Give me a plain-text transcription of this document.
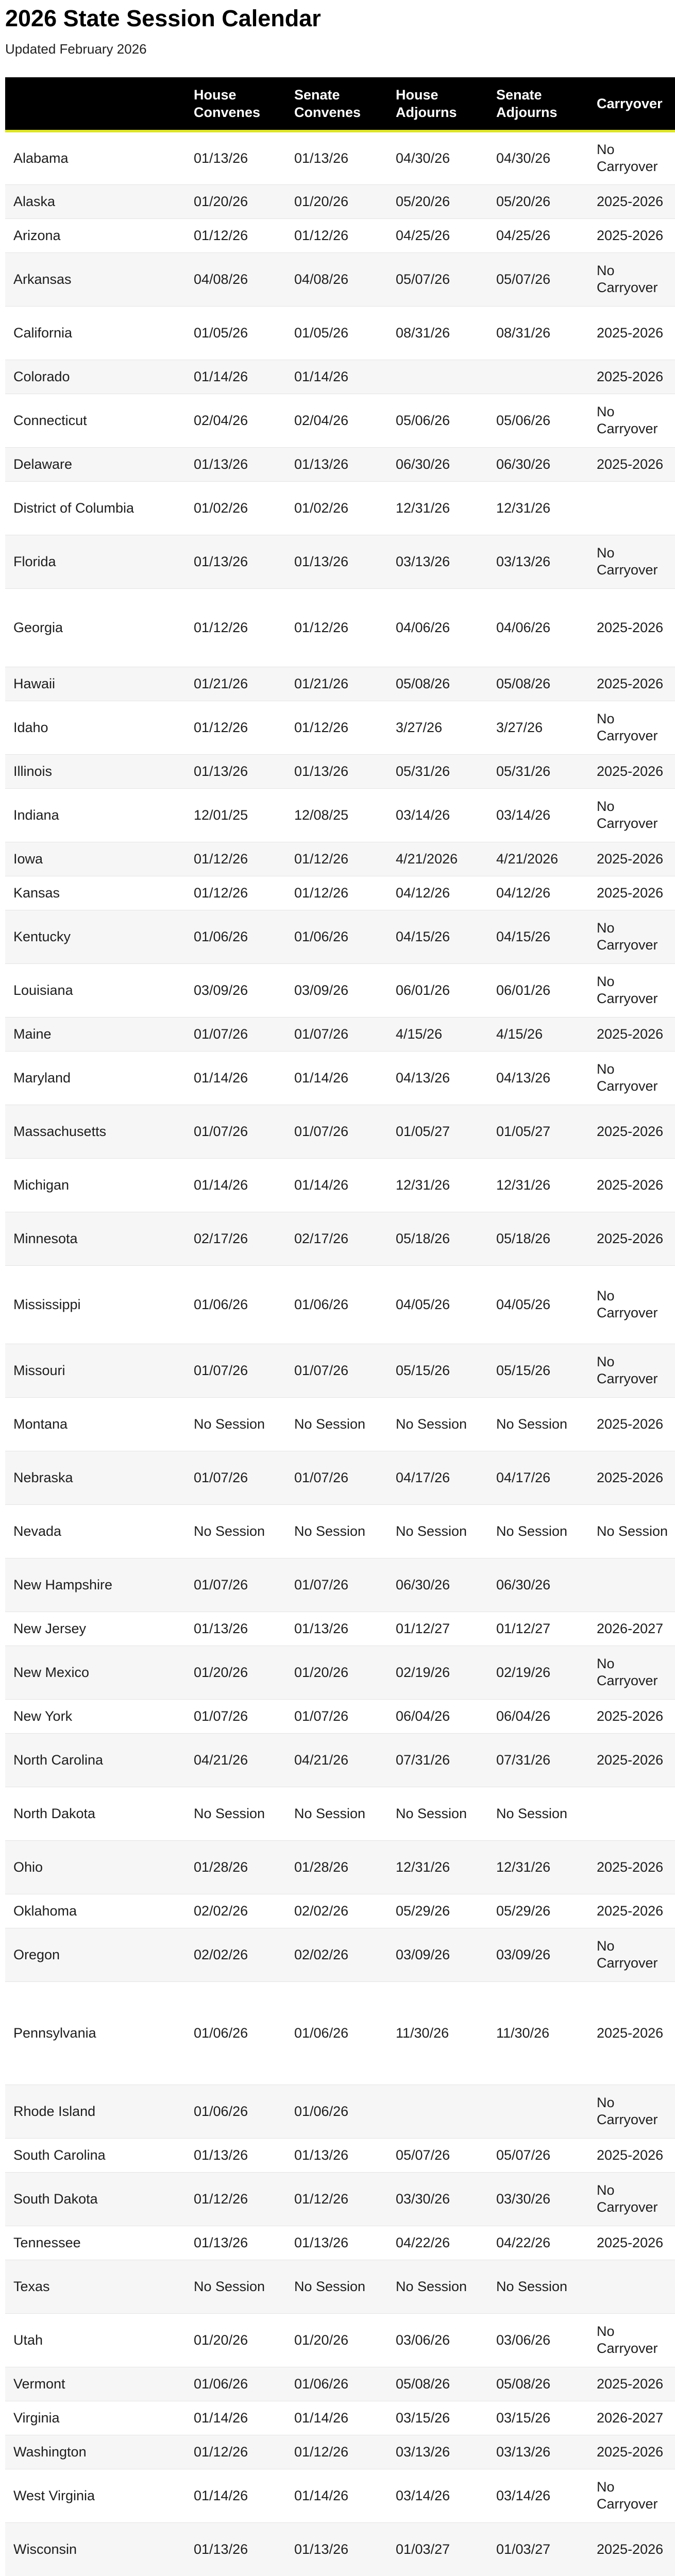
2026 State Session Calendar

Updated February 2026

	House Convenes	Senate Convenes	House Adjourns	Senate Adjourns	Carryover
Alabama	01/13/26	01/13/26	04/30/26	04/30/26	No Carryover
Alaska	01/20/26	01/20/26	05/20/26	05/20/26	2025-2026
Arizona	01/12/26	01/12/26	04/25/26	04/25/26	2025-2026
Arkansas	04/08/26	04/08/26	05/07/26	05/07/26	No Carryover
California	01/05/26	01/05/26	08/31/26	08/31/26	2025-2026
Colorado	01/14/26	01/14/26			2025-2026
Connecticut	02/04/26	02/04/26	05/06/26	05/06/26	No Carryover
Delaware	01/13/26	01/13/26	06/30/26	06/30/26	2025-2026
District of Columbia	01/02/26	01/02/26	12/31/26	12/31/26	
Florida	01/13/26	01/13/26	03/13/26	03/13/26	No Carryover
Georgia	01/12/26	01/12/26	04/06/26	04/06/26	2025-2026
Hawaii	01/21/26	01/21/26	05/08/26	05/08/26	2025-2026
Idaho	01/12/26	01/12/26	3/27/26	3/27/26	No Carryover
Illinois	01/13/26	01/13/26	05/31/26	05/31/26	2025-2026
Indiana	12/01/25	12/08/25	03/14/26	03/14/26	No Carryover
Iowa	01/12/26	01/12/26	4/21/2026	4/21/2026	2025-2026
Kansas	01/12/26	01/12/26	04/12/26	04/12/26	2025-2026
Kentucky	01/06/26	01/06/26	04/15/26	04/15/26	No Carryover
Louisiana	03/09/26	03/09/26	06/01/26	06/01/26	No Carryover
Maine	01/07/26	01/07/26	4/15/26	4/15/26	2025-2026
Maryland	01/14/26	01/14/26	04/13/26	04/13/26	No Carryover
Massachusetts	01/07/26	01/07/26	01/05/27	01/05/27	2025-2026
Michigan	01/14/26	01/14/26	12/31/26	12/31/26	2025-2026
Minnesota	02/17/26	02/17/26	05/18/26	05/18/26	2025-2026
Mississippi	01/06/26	01/06/26	04/05/26	04/05/26	No Carryover
Missouri	01/07/26	01/07/26	05/15/26	05/15/26	No Carryover
Montana	No Session	No Session	No Session	No Session	2025-2026
Nebraska	01/07/26	01/07/26	04/17/26	04/17/26	2025-2026
Nevada	No Session	No Session	No Session	No Session	No Session
New Hampshire	01/07/26	01/07/26	06/30/26	06/30/26	
New Jersey	01/13/26	01/13/26	01/12/27	01/12/27	2026-2027
New Mexico	01/20/26	01/20/26	02/19/26	02/19/26	No Carryover
New York	01/07/26	01/07/26	06/04/26	06/04/26	2025-2026
North Carolina	04/21/26	04/21/26	07/31/26	07/31/26	2025-2026
North Dakota	No Session	No Session	No Session	No Session	
Ohio	01/28/26	01/28/26	12/31/26	12/31/26	2025-2026
Oklahoma	02/02/26	02/02/26	05/29/26	05/29/26	2025-2026
Oregon	02/02/26	02/02/26	03/09/26	03/09/26	No Carryover
Pennsylvania	01/06/26	01/06/26	11/30/26	11/30/26	2025-2026
Rhode Island	01/06/26	01/06/26			No Carryover
South Carolina	01/13/26	01/13/26	05/07/26	05/07/26	2025-2026
South Dakota	01/12/26	01/12/26	03/30/26	03/30/26	No Carryover
Tennessee	01/13/26	01/13/26	04/22/26	04/22/26	2025-2026
Texas	No Session	No Session	No Session	No Session	
Utah	01/20/26	01/20/26	03/06/26	03/06/26	No Carryover
Vermont	01/06/26	01/06/26	05/08/26	05/08/26	2025-2026
Virginia	01/14/26	01/14/26	03/15/26	03/15/26	2026-2027
Washington	01/12/26	01/12/26	03/13/26	03/13/26	2025-2026
West Virginia	01/14/26	01/14/26	03/14/26	03/14/26	No Carryover
Wisconsin	01/13/26	01/13/26	01/03/27	01/03/27	2025-2026
